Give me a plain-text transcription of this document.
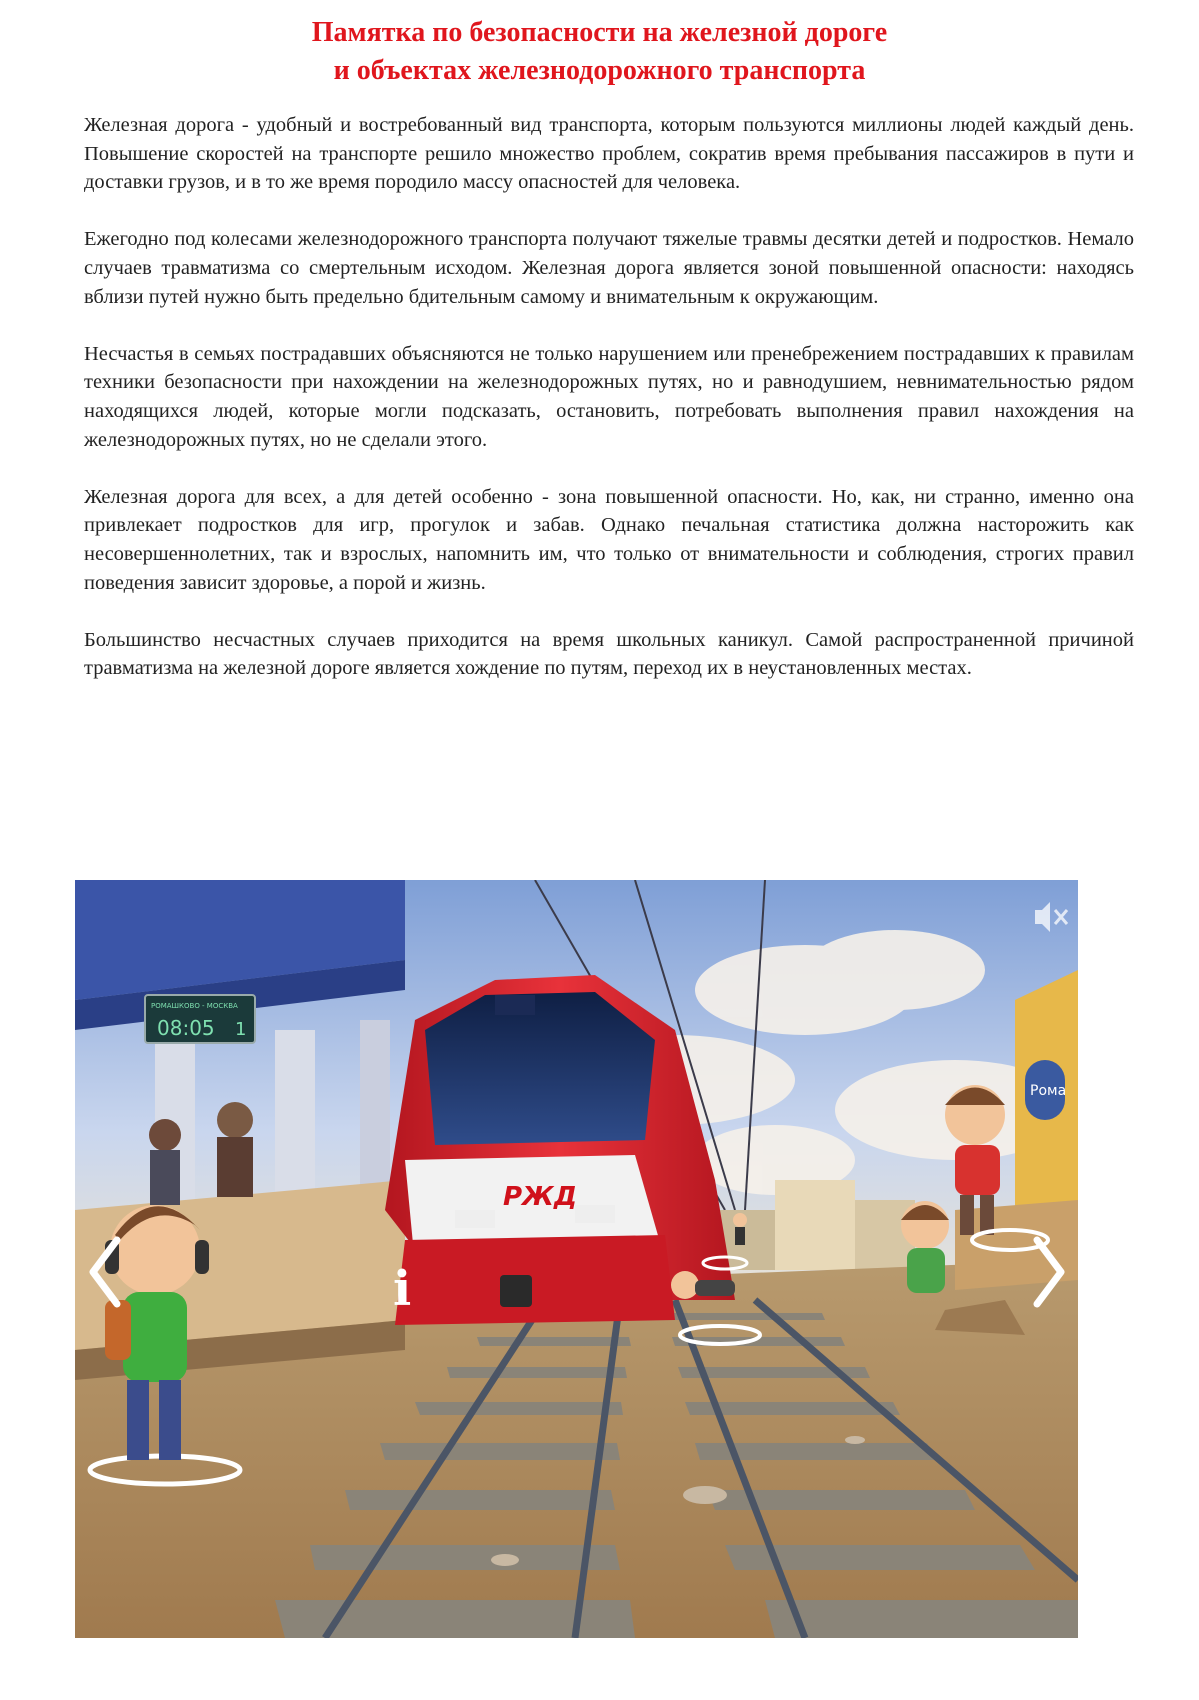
Памятка по безопасности на железной дороге
и объектах железнодорожного транспорта

Железная дорога - удобный и востребованный вид транспорта, которым пользуются миллионы людей каждый день. Повышение скоростей на транспорте решило множество проблем, сократив время пребывания пассажиров в пути и доставки грузов, и в то же время породило массу опасностей для человека.

Ежегодно под колесами железнодорожного транспорта получают тяжелые травмы десятки детей и подростков. Немало случаев травматизма со смертельным исходом. Железная дорога является зоной повышенной опасности: находясь вблизи путей нужно быть предельно бдительным самому и внимательным к окружающим.

Несчастья в семьях пострадавших объясняются не только нарушением или пренебрежением пострадавших к правилам техники безопасности при нахождении на железнодорожных путях, но и равнодушием, невнимательностью рядом находящихся людей, которые могли подсказать, остановить, потребовать выполнения правил нахождения на железнодорожных путях, но не сделали этого.

Железная дорога для всех, а для детей особенно - зона повышенной опасности. Но, как, ни странно, именно она привлекает подростков для игр, прогулок и забав. Однако печальная статистика должна насторожить как несовершеннолетних, так и взрослых, напомнить им, что только от внимательности и соблюдения, строгих правил поведения зависит здоровье, а порой и жизнь.

Большинство несчастных случаев приходится на время школьных каникул. Самой распространенной причиной травматизма на железной дороге является хождение по путям, переход их в неустановленных местах.

РОМАШКОВО - МОСКВА
08:05 1
Рома
РЖД
i
